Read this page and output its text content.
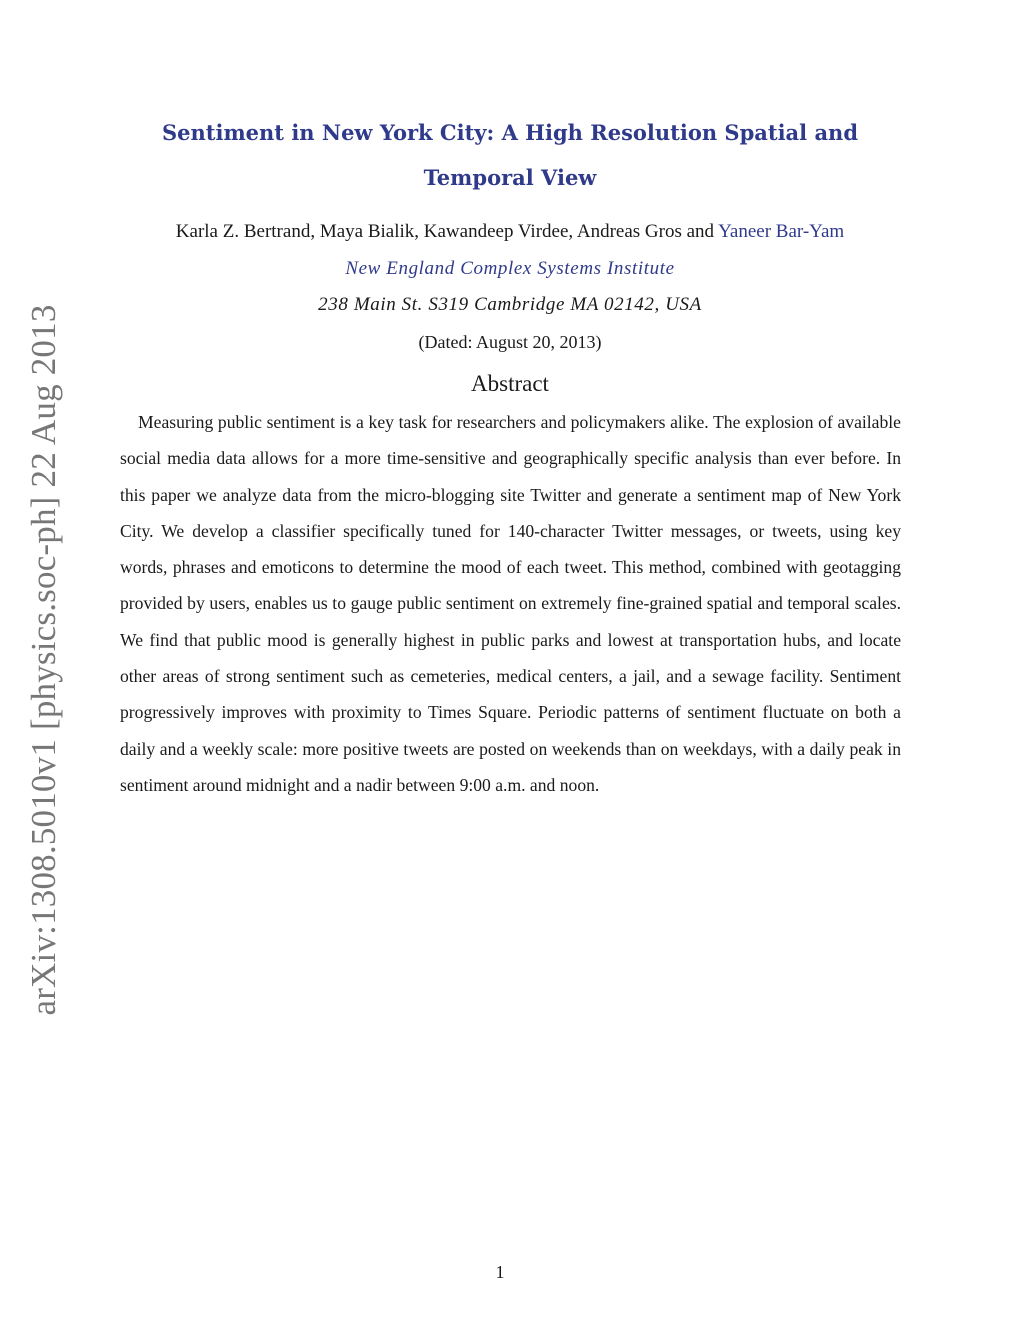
arXiv:1308.5010v1 [physics.soc-ph] 22 Aug 2013
Sentiment in New York City: A High Resolution Spatial and Temporal View
Karla Z. Bertrand, Maya Bialik, Kawandeep Virdee, Andreas Gros and Yaneer Bar-Yam
New England Complex Systems Institute
238 Main St. S319 Cambridge MA 02142, USA
(Dated: August 20, 2013)
Abstract

Measuring public sentiment is a key task for researchers and policymakers alike. The explosion of available social media data allows for a more time-sensitive and geographically specific analysis than ever before. In this paper we analyze data from the micro-blogging site Twitter and generate a sentiment map of New York City. We develop a classifier specifically tuned for 140-character Twitter messages, or tweets, using key words, phrases and emoticons to determine the mood of each tweet. This method, combined with geotagging provided by users, enables us to gauge public sentiment on extremely fine-grained spatial and temporal scales. We find that public mood is generally highest in public parks and lowest at transportation hubs, and locate other areas of strong sentiment such as cemeteries, medical centers, a jail, and a sewage facility. Sentiment progressively improves with proximity to Times Square. Periodic patterns of sentiment fluctuate on both a daily and a weekly scale: more positive tweets are posted on weekends than on weekdays, with a daily peak in sentiment around midnight and a nadir between 9:00 a.m. and noon.

1
